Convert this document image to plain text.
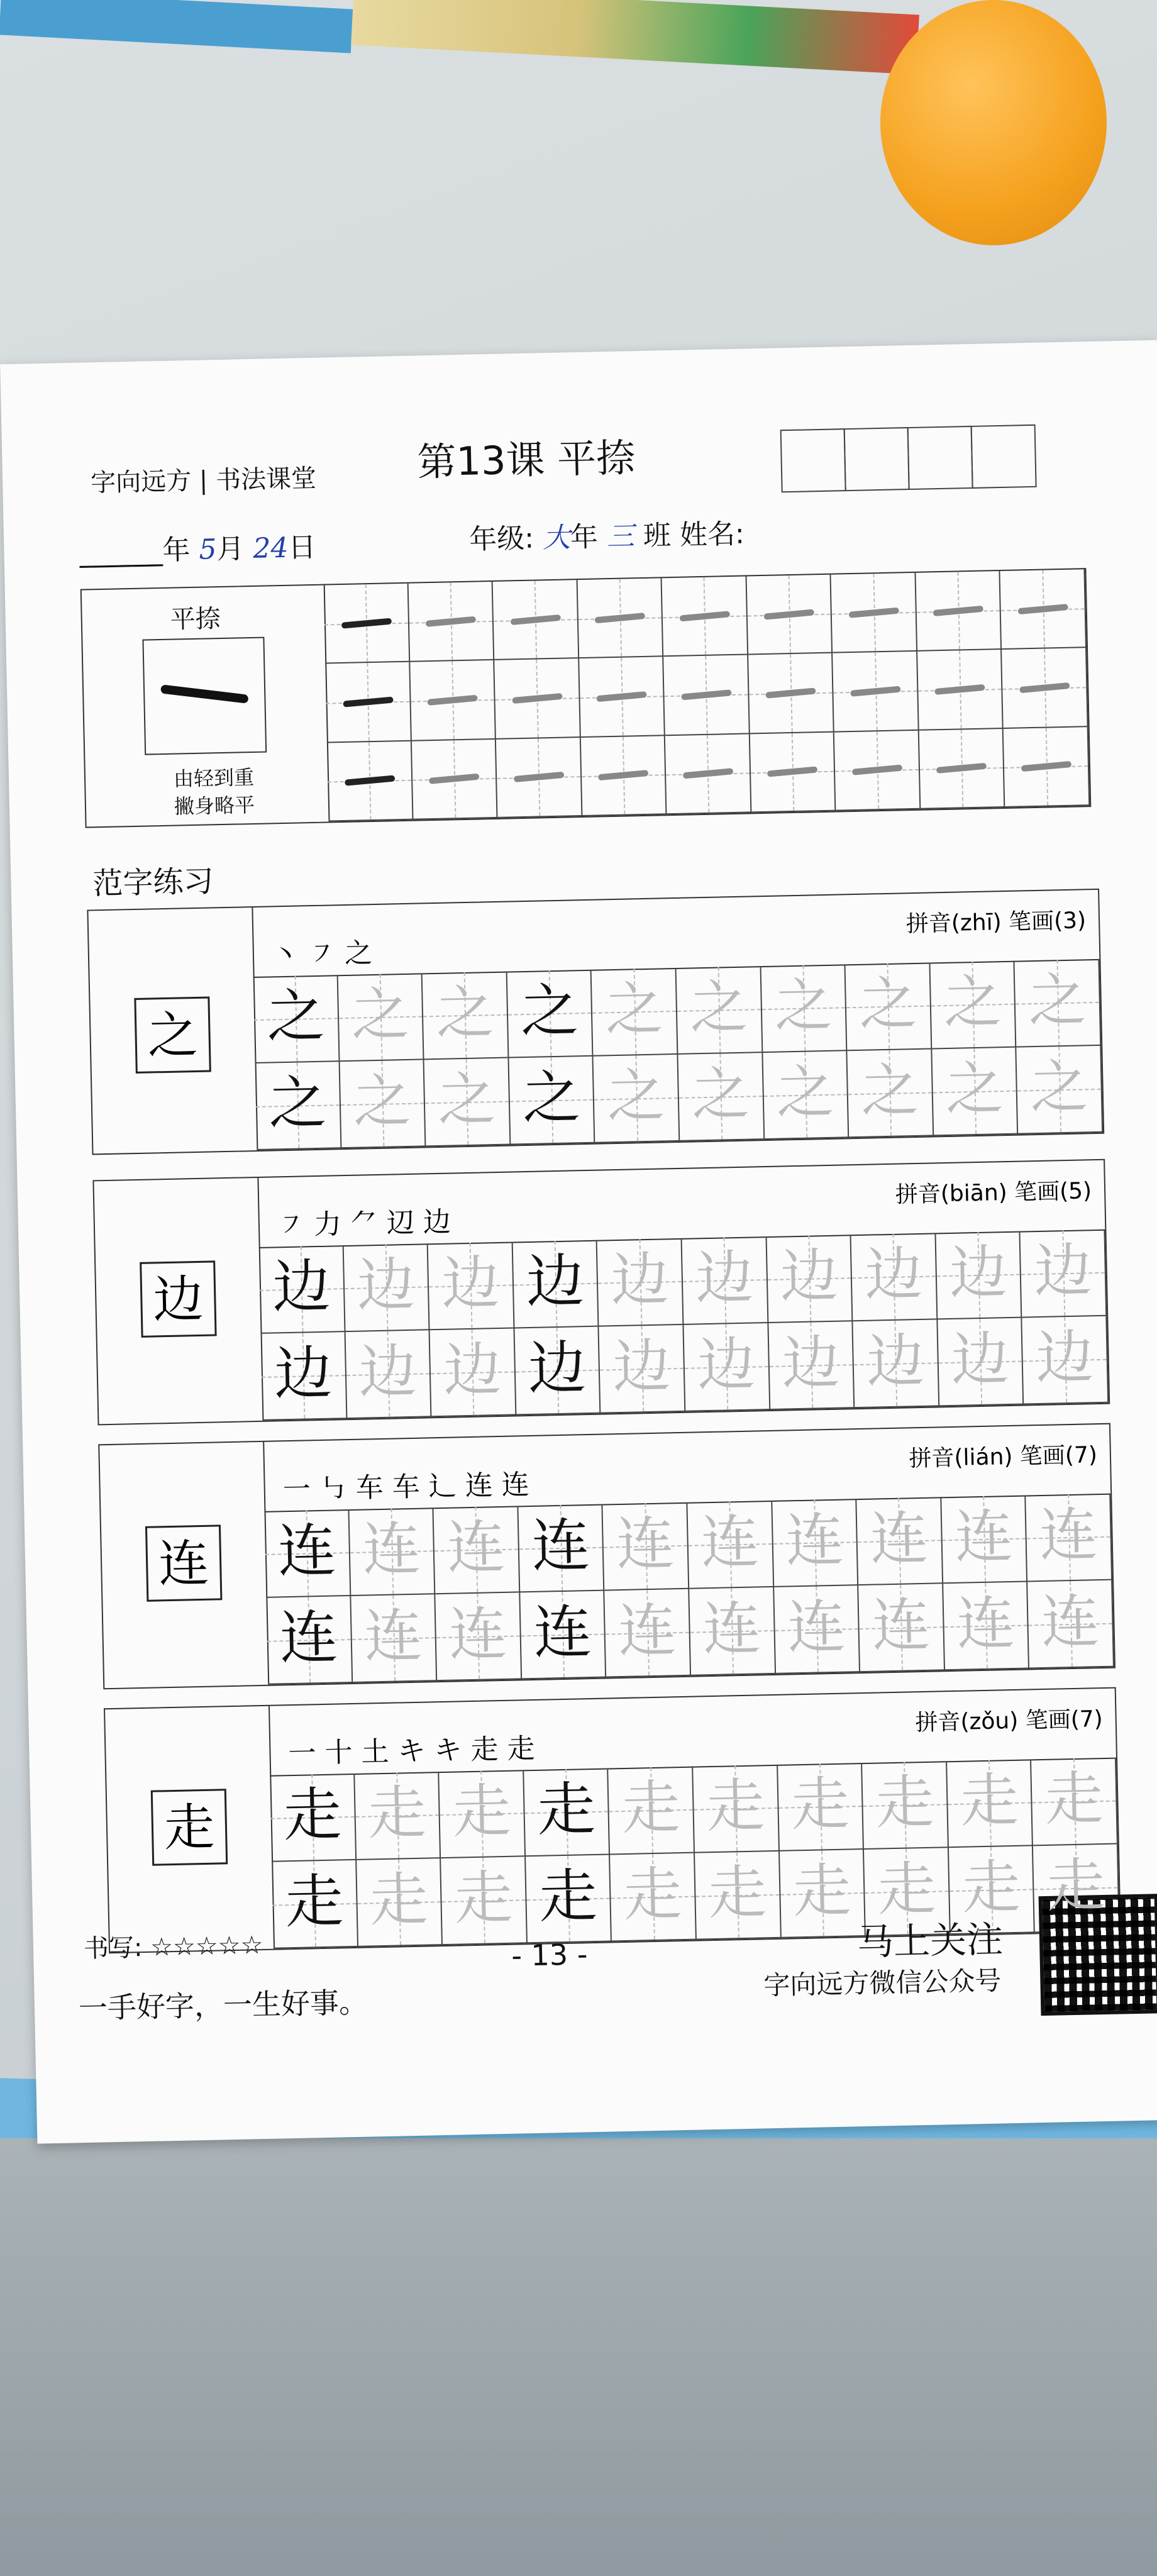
字向远方 | 书法课堂	第13课 平捺
______年 5月 24日	年级: 大年 三 班 姓名:
平捺
由轻到重
撇身略平
范字练习
之
丶 ㇇ 之
拼音(zhī) 笔画(3)
之 之 之 之 之 之 之 之 之 之
之 之 之 之 之 之 之 之 之 之
边
㇇ 力 ⺈ 辺 边
拼音(biān) 笔画(5)
边 边 边 边 边 边 边 边 边 边
边 边 边 边 边 边 边 边 边 边
连
一 ㇉ 车 车 ⻌ 连 连
拼音(lián) 笔画(7)
连 连 连 连 连 连 连 连 连 连
连 连 连 连 连 连 连 连 连 连
走
一 十 土 キ キ 走 走
拼音(zǒu) 笔画(7)
走 走 走 走 走 走 走 走 走 走
走 走 走 走 走 走 走 走 走 走
书写: ☆☆☆☆☆
一手好字，一生好事。
- 13 -	马上关注
字向远方微信公众号
